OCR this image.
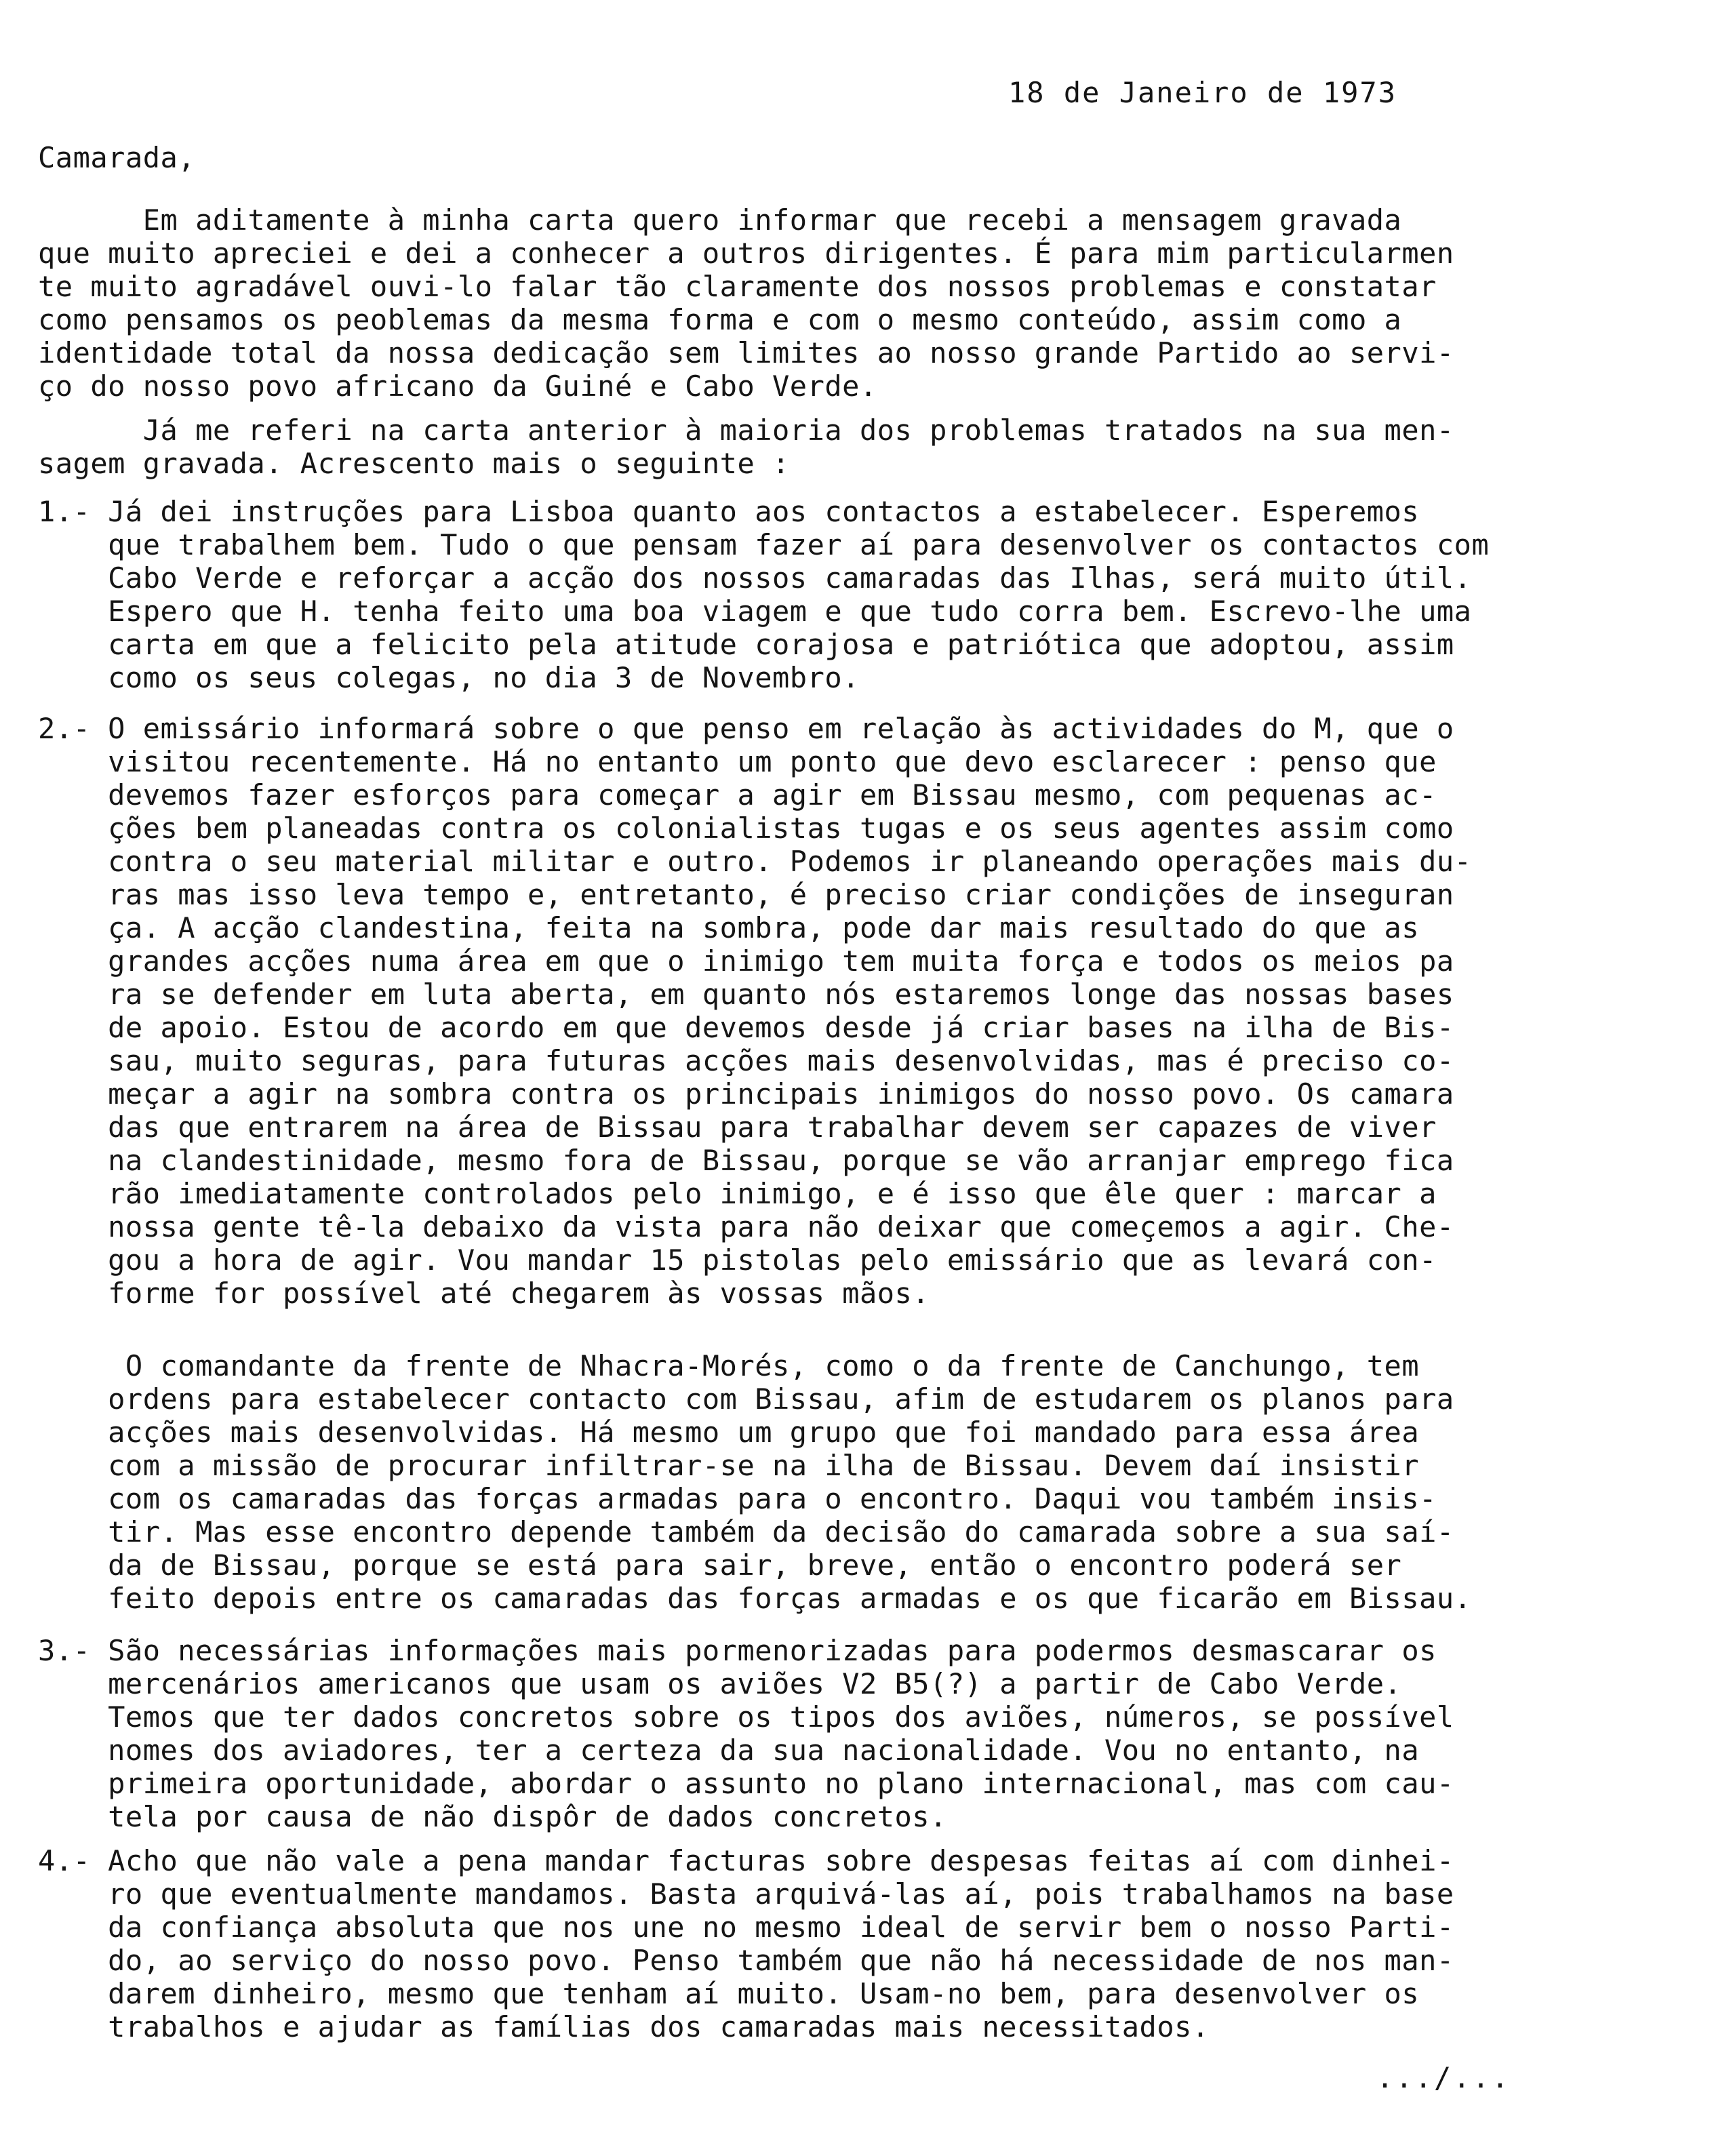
18 de Janeiro de 1973
Camarada,
Em aditamente à minha carta quero informar que recebi a mensagem gravada
que muito apreciei e dei a conhecer a outros dirigentes. É para mim particularmen
te muito agradável ouvi-lo falar tão claramente dos nossos problemas e constatar
como pensamos os peoblemas da mesma forma e com o mesmo conteúdo, assim como a
identidade total da nossa dedicação sem limites ao nosso grande Partido ao servi-
ço do nosso povo africano da Guiné e Cabo Verde.
Já me referi na carta anterior à maioria dos problemas tratados na sua men-
sagem gravada. Acrescento mais o seguinte :
1.- Já dei instruções para Lisboa quanto aos contactos a estabelecer. Esperemos
que trabalhem bem. Tudo o que pensam fazer aí para desenvolver os contactos com
Cabo Verde e reforçar a acção dos nossos camaradas das Ilhas, será muito útil.
Espero que H. tenha feito uma boa viagem e que tudo corra bem. Escrevo-lhe uma
carta em que a felicito pela atitude corajosa e patriótica que adoptou, assim
como os seus colegas, no dia 3 de Novembro.
2.- O emissário informará sobre o que penso em relação às actividades do M, que o
visitou recentemente. Há no entanto um ponto que devo esclarecer : penso que
devemos fazer esforços para começar a agir em Bissau mesmo, com pequenas ac-
ções bem planeadas contra os colonialistas tugas e os seus agentes assim como
contra o seu material militar e outro. Podemos ir planeando operações mais du-
ras mas isso leva tempo e, entretanto, é preciso criar condições de inseguran
ça. A acção clandestina, feita na sombra, pode dar mais resultado do que as
grandes acções numa área em que o inimigo tem muita força e todos os meios pa
ra se defender em luta aberta, em quanto nós estaremos longe das nossas bases
de apoio. Estou de acordo em que devemos desde já criar bases na ilha de Bis-
sau, muito seguras, para futuras acções mais desenvolvidas, mas é preciso co-
meçar a agir na sombra contra os principais inimigos do nosso povo. Os camara
das que entrarem na área de Bissau para trabalhar devem ser capazes de viver
na clandestinidade, mesmo fora de Bissau, porque se vão arranjar emprego fica
rão imediatamente controlados pelo inimigo, e é isso que êle quer : marcar a
nossa gente tê-la debaixo da vista para não deixar que começemos a agir. Che-
gou a hora de agir. Vou mandar 15 pistolas pelo emissário que as levará con-
forme for possível até chegarem às vossas mãos.
O comandante da frente de Nhacra-Morés, como o da frente de Canchungo, tem
ordens para estabelecer contacto com Bissau, afim de estudarem os planos para
acções mais desenvolvidas. Há mesmo um grupo que foi mandado para essa área
com a missão de procurar infiltrar-se na ilha de Bissau. Devem daí insistir
com os camaradas das forças armadas para o encontro. Daqui vou também insis-
tir. Mas esse encontro depende também da decisão do camarada sobre a sua saí-
da de Bissau, porque se está para sair, breve, então o encontro poderá ser
feito depois entre os camaradas das forças armadas e os que ficarão em Bissau.
3.- São necessárias informações mais pormenorizadas para podermos desmascarar os
mercenários americanos que usam os aviões V2 B5(?) a partir de Cabo Verde.
Temos que ter dados concretos sobre os tipos dos aviões, números, se possível
nomes dos aviadores, ter a certeza da sua nacionalidade. Vou no entanto, na
primeira oportunidade, abordar o assunto no plano internacional, mas com cau-
tela por causa de não dispôr de dados concretos.
4.- Acho que não vale a pena mandar facturas sobre despesas feitas aí com dinhei-
ro que eventualmente mandamos. Basta arquivá-las aí, pois trabalhamos na base
da confiança absoluta que nos une no mesmo ideal de servir bem o nosso Parti-
do, ao serviço do nosso povo. Penso também que não há necessidade de nos man-
darem dinheiro, mesmo que tenham aí muito. Usam-no bem, para desenvolver os
trabalhos e ajudar as famílias dos camaradas mais necessitados.
.../...
